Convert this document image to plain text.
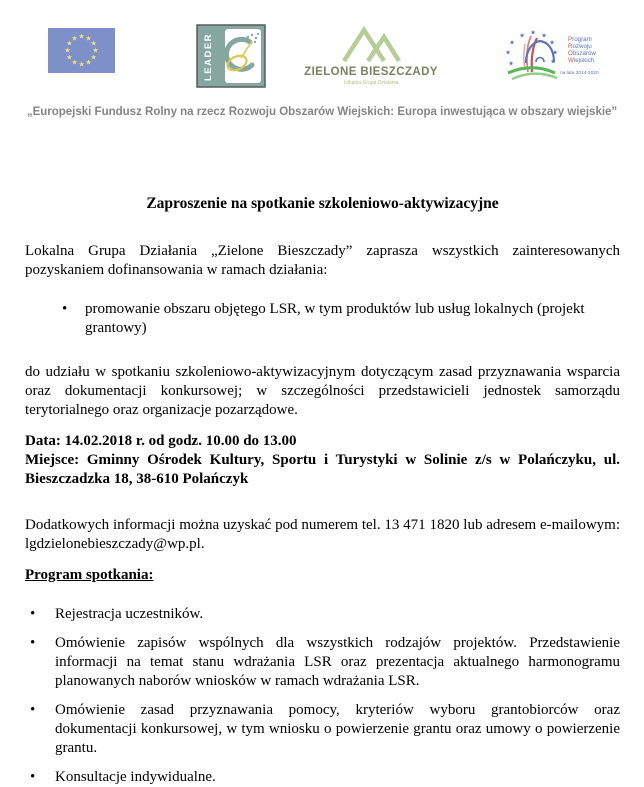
★ ★
★
★
★
★
★
★
★
★
★
★	LEADER	ZIELONE BIESZCZADY
Lokalna Grupa Działania
★ ★ ★
★
★
★
★
★	★
Program
Rozwoju
Obszarów
Wiejskich
na lata 2014-2020

„Europejski Fundusz Rolny na rzecz Rozwoju Obszarów Wiejskich: Europa inwestująca w obszary wiejskie”

Zaproszenie na spotkanie szkoleniowo-aktywizacyjne

Lokalna Grupa Działania „Zielone Bieszczady” zaprasza wszystkich zainteresowanych pozyskaniem dofinansowania w ramach działania:

• promowanie obszaru objętego LSR, w tym produktów lub usług lokalnych (projekt grantowy)

do udziału w spotkaniu szkoleniowo-aktywizacyjnym dotyczącym zasad przyznawania wsparcia oraz dokumentacji konkursowej; w szczególności przedstawicieli jednostek samorządu terytorialnego oraz organizacje pozarządowe.

Data: 14.02.2018 r. od godz. 10.00 do 13.00
Miejsce: Gminny Ośrodek Kultury, Sportu i Turystyki w Solinie z/s w Polańczyku, ul. Bieszczadzka 18, 38-610 Polańczyk

Dodatkowych informacji można uzyskać pod numerem tel. 13 471 1820 lub adresem e-mailowym: lgdzielonebieszczady@wp.pl.

Program spotkania:
• Rejestracja uczestników.
• Omówienie zapisów wspólnych dla wszystkich rodzajów projektów. Przedstawienie informacji na temat stanu wdrażania LSR oraz prezentacja aktualnego harmonogramu planowanych naborów wniosków w ramach wdrażania LSR.
• Omówienie zasad przyznawania pomocy, kryteriów wyboru grantobiorców oraz dokumentacji konkursowej, w tym wniosku o powierzenie grantu oraz umowy o powierzenie grantu.
• Konsultacje indywidualne.
